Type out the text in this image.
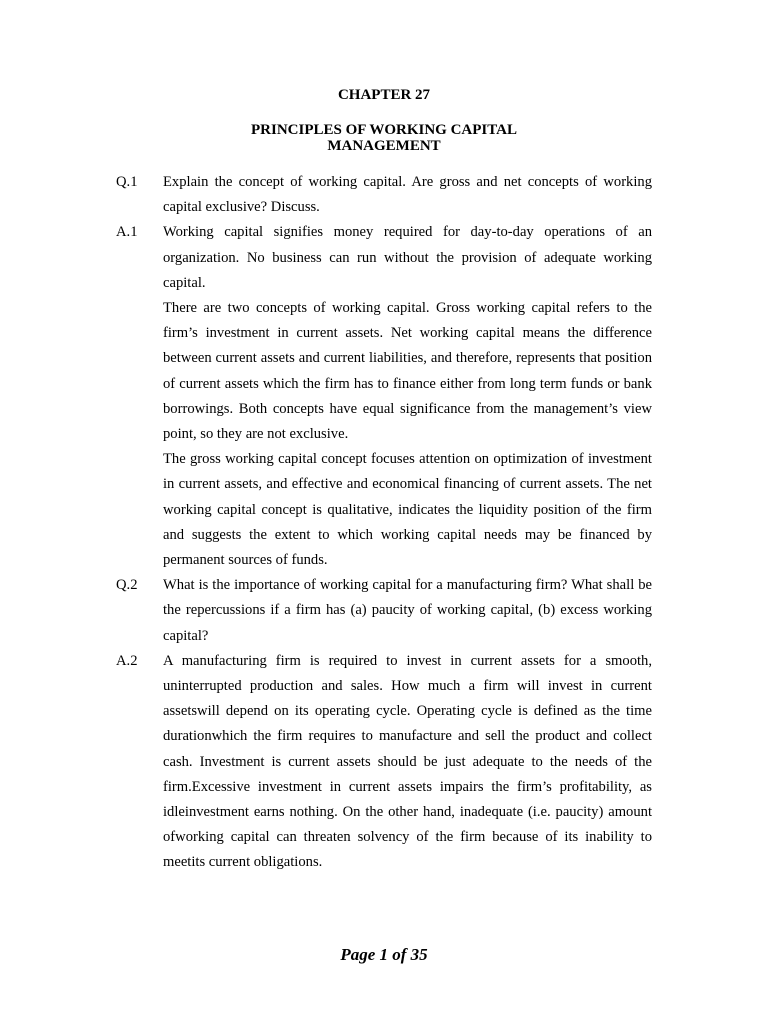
CHAPTER 27
PRINCIPLES OF WORKING CAPITAL
MANAGEMENT
Q.1	Explain the concept of working capital. Are gross and net concepts of working capital exclusive? Discuss.
A.1	Working capital signifies money required for day-to-day operations of an organization. No business can run without the provision of adequate working capital.
There are two concepts of working capital. Gross working capital refers to the firm’s investment in current assets. Net working capital means the difference between current assets and current liabilities, and therefore, represents that position of current assets which the firm has to finance either from long term funds or bank borrowings. Both concepts have equal significance from the management’s view point, so they are not exclusive.
The gross working capital concept focuses attention on optimization of investment in current assets, and effective and economical financing of current assets. The net working capital concept is qualitative, indicates the liquidity position of the firm and suggests the extent to which working capital needs may be financed by permanent sources of funds.
Q.2	What is the importance of working capital for a manufacturing firm? What shall be the repercussions if a firm has (a) paucity of working capital, (b) excess working capital?
A.2	A manufacturing firm is required to invest in current assets for a smooth, uninterrupted production and sales. How much a firm will invest in current assetswill depend on its operating cycle. Operating cycle is defined as the time durationwhich the firm requires to manufacture and sell the product and collect cash. Investment is current assets should be just adequate to the needs of the firm.Excessive investment in current assets impairs the firm’s profitability, as idleinvestment earns nothing. On the other hand, inadequate (i.e. paucity) amount ofworking capital can threaten solvency of the firm because of its inability to meetits current obligations.
Page 1 of 35
